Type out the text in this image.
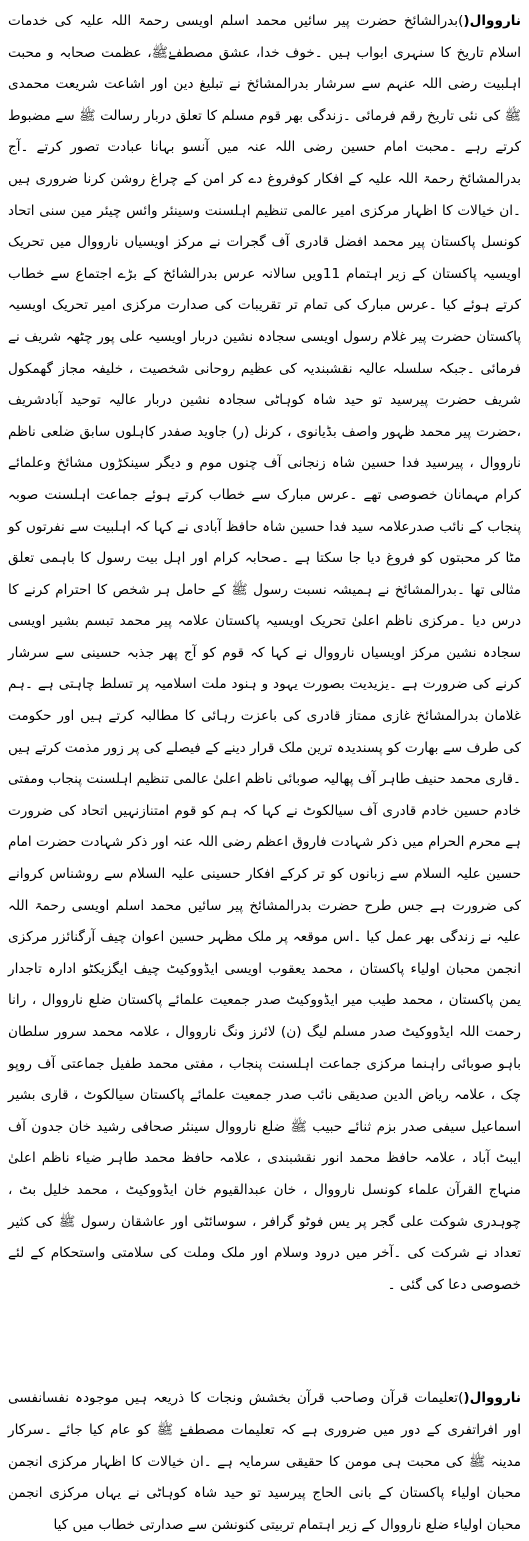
نارووال()بدرالشائخ حضرت پیر سائیں محمد اسلم اویسی رحمۃ اللہ علیہ کی خدمات اسلام تاریخ کا سنہری ابواب ہیں ۔خوف خدا، عشق مصطفےٰﷺ، عظمت صحابہ و محبت اہلبیت رضی اللہ عنہم سے سرشار بدرالمشائخ نے تبلیغ دین اور اشاعت شریعت محمدی ﷺ کی نئی تاریخ رقم فرمائی ۔زندگی بھر قوم مسلم کا تعلق دربار رسالت ﷺ سے مضبوط کرتے رہے ۔محبت امام حسین رضی اللہ عنہ میں آنسو بہانا عبادت تصور کرتے ۔آج بدرالمشائخ رحمۃ اللہ علیہ کے افکار کوفروغ دے کر امن کے چراغ روشن کرنا ضروری ہیں ۔ان خیالات کا اظہار مرکزی امیر عالمی تنظیم اہلسنت وسینئر وائس چیئر مین سنی اتحاد کونسل پاکستان پیر محمد افضل قادری آف گجرات نے مرکز اویسیاں نارووال میں تحریک اویسیہ پاکستان کے زیر اہتمام 11ویں سالانہ عرس بدرالشائخ کے بڑے اجتماع سے خطاب کرتے ہوئے کیا ۔عرس مبارک کی تمام تر تقریبات کی صدارت مرکزی امیر تحریک اویسیہ پاکستان حضرت پیر غلام رسول اویسی سجادہ نشین دربار اویسیہ علی پور چٹھہ شریف نے فرمائی ۔جبکہ سلسلہ عالیہ نقشبندیہ کی عظیم روحانی شخصیت ، خلیفہ مجاز گھمکول شریف حضرت پیرسید تو حید شاہ کوہاٹی سجادہ نشین دربار عالیہ توحید آبادشریف ،حضرت پیر محمد ظہور واصف بڈیانوی ، کرنل (ر) جاوید صفدر کاہلوں سابق ضلعی ناظم نارووال ، پیرسید فدا حسین شاہ زنجانی آف چنوں موم و دیگر سینکڑوں مشائخ وعلمائے کرام مہمانان خصوصی تھے ۔عرس مبارک سے خطاب کرتے ہوئے جماعت اہلسنت صوبہ پنجاب کے نائب صدرعلامہ سید فدا حسین شاہ حافظ آبادی نے کہا کہ اہلبیت سے نفرتوں کو مٹا کر محبتوں کو فروغ دیا جا سکتا ہے ۔صحابہ کرام اور اہل بیت رسول کا باہمی تعلق مثالی تھا ۔بدرالمشائخ نے ہمیشہ نسبت رسول ﷺ کے حامل ہر شخص کا احترام کرنے کا درس دیا ۔مرکزی ناظم اعلیٰ تحریک اویسیہ پاکستان علامہ پیر محمد تبسم بشیر اویسی سجادہ نشین مرکز اویسیاں نارووال نے کہا کہ قوم کو آج پھر جذبہ حسینی سے سرشار کرنے کی ضرورت ہے ۔یزیدیت بصورت یہود و ہنود ملت اسلامیہ پر تسلط چاہتی ہے ۔ہم غلامان بدرالمشائخ غازی ممتاز قادری کی باعزت رہائی کا مطالبہ کرتے ہیں اور حکومت کی طرف سے بھارت کو پسندیدہ ترین ملک قرار دینے کے فیصلے کی پر زور مذمت کرتے ہیں ۔قاری محمد حنیف طاہر آف پھالیہ صوبائی ناظم اعلیٰ عالمی تنظیم اہلسنت پنجاب ومفتی خادم حسین خادم قادری آف سیالکوٹ نے کہا کہ ہم کو قوم امتنازنہیں اتحاد کی ضرورت ہے محرم الحرام میں ذکر شہادت فاروق اعظم رضی اللہ عنہ اور ذکر شہادت حضرت امام حسین علیہ السلام سے زبانوں کو تر کرکے افکار حسینی علیہ السلام سے روشناس کروانے کی ضرورت ہے جس طرح حضرت بدرالمشائخ پیر سائیں محمد اسلم اویسی رحمۃ اللہ علیہ نے زندگی بھر عمل کیا ۔اس موقعہ پر ملک مظہر حسین اعوان چیف آرگنائزر مرکزی انجمن محبان اولیاء پاکستان ، محمد یعقوب اویسی ایڈووکیٹ چیف ایگزیکٹو ادارہ تاجدار یمن پاکستان ، محمد طیب میر ایڈووکیٹ صدر جمعیت علمائے پاکستان ضلع نارووال ، رانا رحمت اللہ ایڈووکیٹ صدر مسلم لیگ (ن) لائرز ونگ نارووال ، علامہ محمد سرور سلطان باہو صوبائی راہنما مرکزی جماعت اہلسنت پنجاب ، مفتی محمد طفیل جماعتی آف روپو چک ، علامہ ریاض الدین صدیقی نائب صدر جمعیت علمائے پاکستان سیالکوٹ ، قاری بشیر اسماعیل سیفی صدر بزم ثنائے حبیب ﷺ ضلع نارووال سینئر صحافی رشید خان جدون آف ایبٹ آباد ، علامہ حافظ محمد انور نقشبندی ، علامہ حافظ محمد طاہر ضیاء ناظم اعلیٰ منہاج القرآن علماء کونسل نارووال ، خان عبدالقیوم خان ایڈووکیٹ ، محمد خلیل بٹ ، چوہدری شوکت علی گجر پر یس فوٹو گرافر ، سوسائٹی اور عاشقان رسول ﷺ کی کثیر تعداد نے شرکت کی ۔آخر میں درود وسلام اور ملک وملت کی سلامتی واستحکام کے لئے خصوصی دعا کی گئی ۔

نارووال()تعلیمات قرآن وصاحب قرآن بخشش ونجات کا ذریعہ ہیں موجودہ نفسانفسی اور افراتفری کے دور میں ضروری ہے کہ تعلیمات مصطفےٰ ﷺ کو عام کیا جائے ۔سرکار مدینہ ﷺ کی محبت ہی مومن کا حقیقی سرمایہ ہے ۔ان خیالات کا اظہار مرکزی انجمن محبان اولیاء پاکستان کے بانی الحاج پیرسید تو حید شاہ کوہاٹی نے یہاں مرکزی انجمن محبان اولیاء ضلع نارووال کے زیر اہتمام تربیتی کنونشن سے صدارتی خطاب میں کیا
